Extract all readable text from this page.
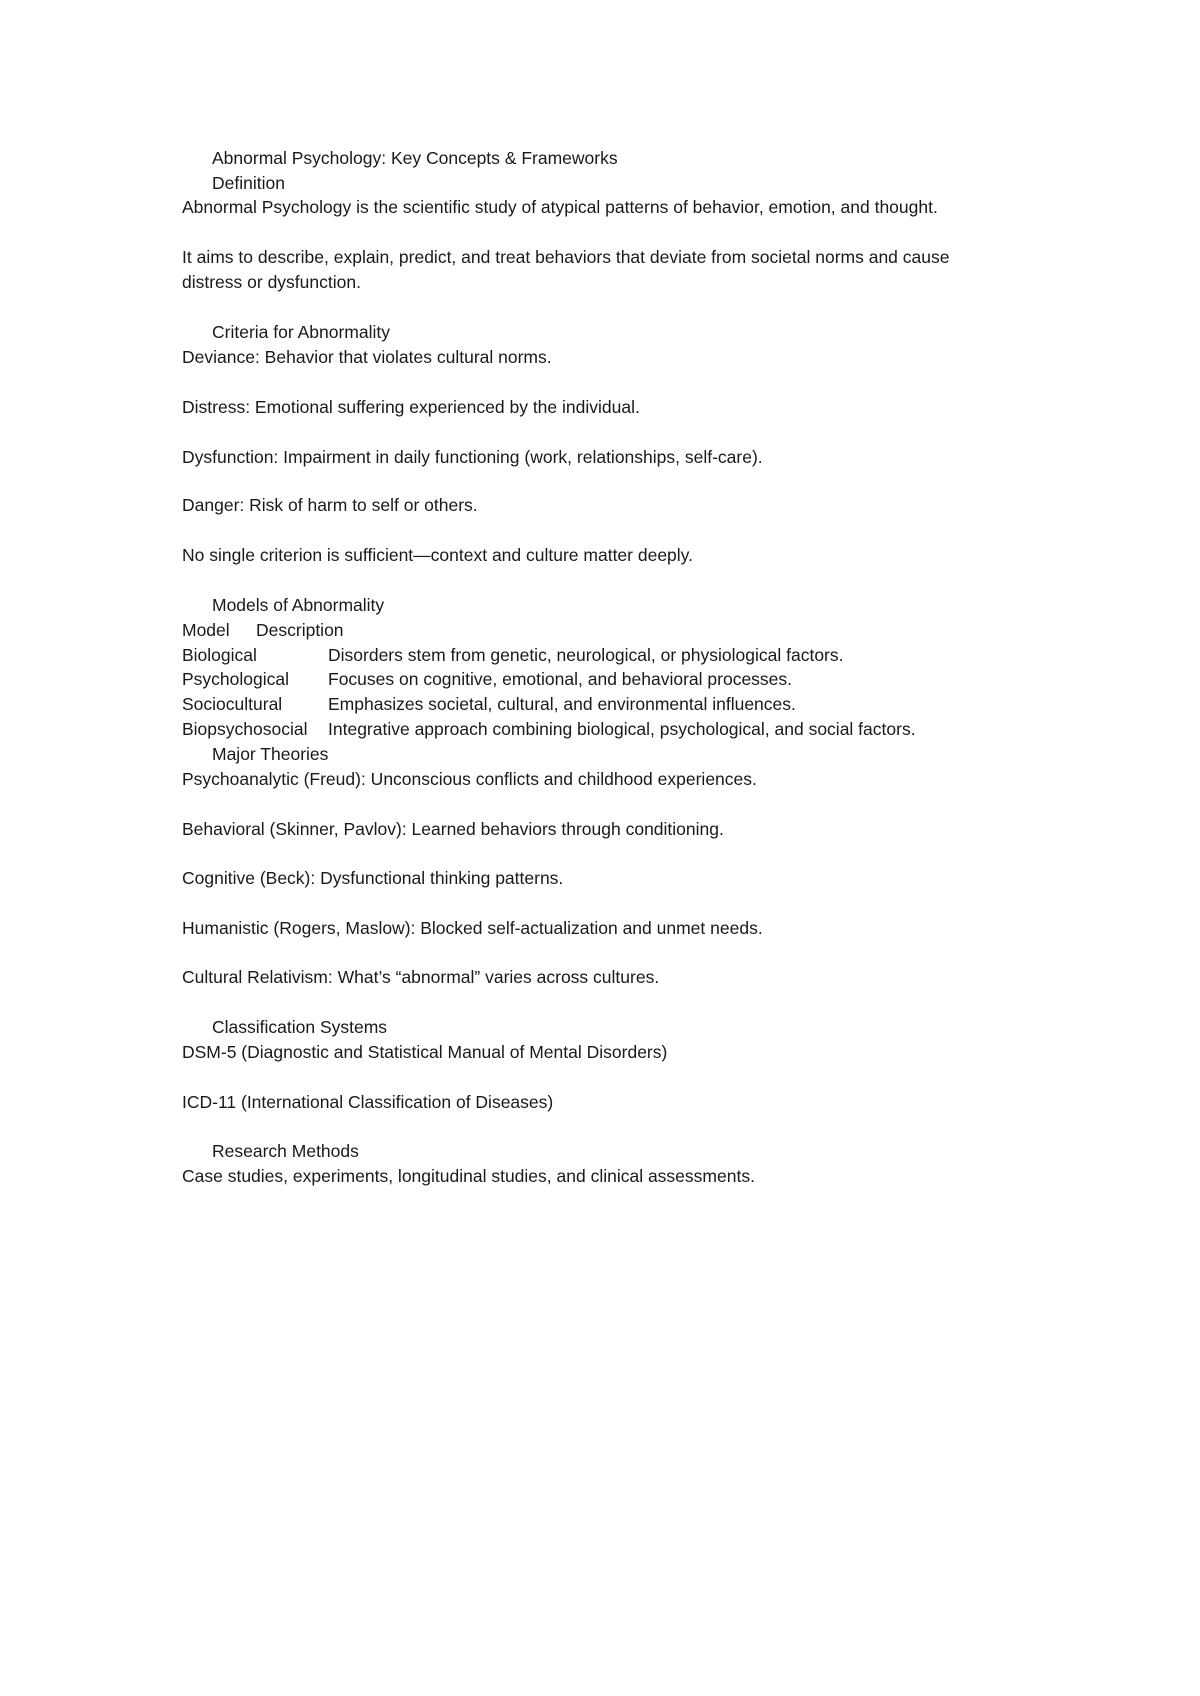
Abnormal Psychology: Key Concepts & Frameworks
Definition

Abnormal Psychology is the scientific study of atypical patterns of behavior, emotion, and thought.

It aims to describe, explain, predict, and treat behaviors that deviate from societal norms and cause

distress or dysfunction.

Criteria for Abnormality

Deviance: Behavior that violates cultural norms.

Distress: Emotional suffering experienced by the individual.

Dysfunction: Impairment in daily functioning (work, relationships, self-care).

Danger: Risk of harm to self or others.

No single criterion is sufficient—context and culture matter deeply.

Models of Abnormality
Model Description
Biological	Disorders stem from genetic, neurological, or physiological factors.
Psychological Focuses on cognitive, emotional, and behavioral processes.
Sociocultural	Emphasizes societal, cultural, and environmental influences.
Biopsychosocial Integrative approach combining biological, psychological, and social factors.
Major Theories

Psychoanalytic (Freud): Unconscious conflicts and childhood experiences.

Behavioral (Skinner, Pavlov): Learned behaviors through conditioning.

Cognitive (Beck): Dysfunctional thinking patterns.

Humanistic (Rogers, Maslow): Blocked self-actualization and unmet needs.

Cultural Relativism: What’s “abnormal” varies across cultures.

Classification Systems

DSM-5 (Diagnostic and Statistical Manual of Mental Disorders)

ICD-11 (International Classification of Diseases)

Research Methods

Case studies, experiments, longitudinal studies, and clinical assessments.
